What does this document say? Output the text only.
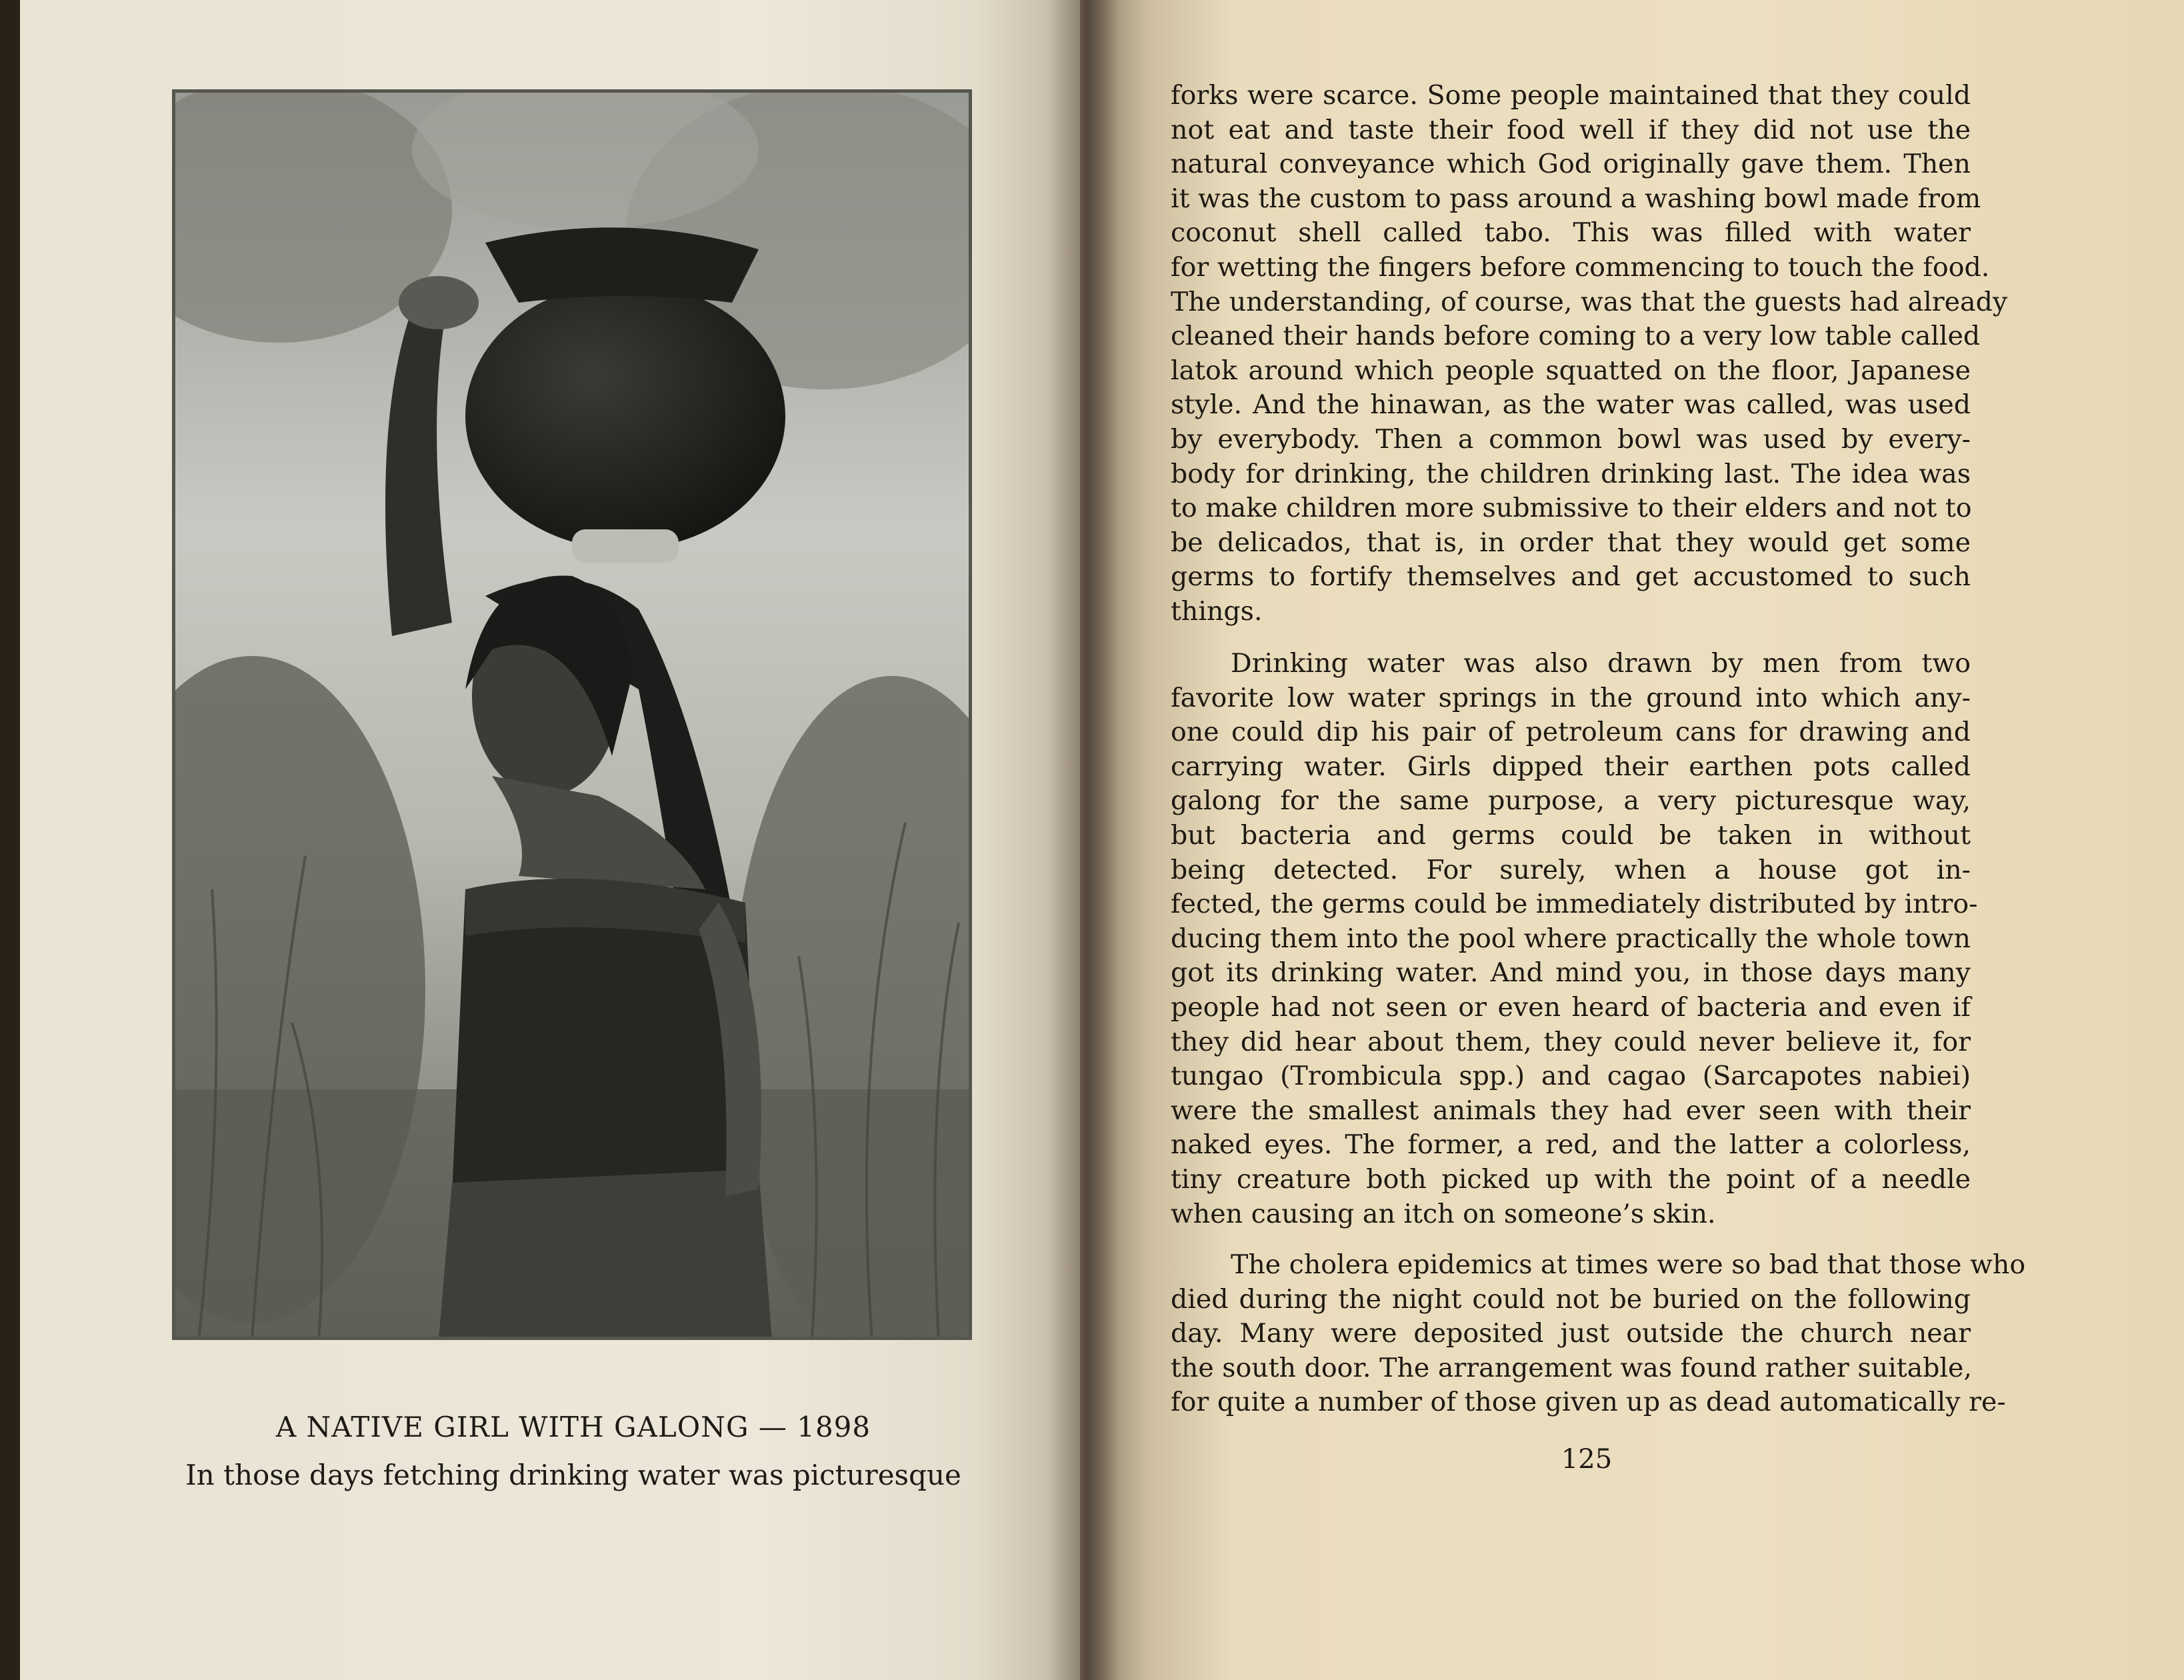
A NATIVE GIRL WITH GALONG — 1898
In those days fetching drinking water was picturesque
forks were scarce. Some people maintained that they could
not eat and taste their food well if they did not use the
natural conveyance which God originally gave them. Then
it was the custom to pass around a washing bowl made from
coconut shell called tabo. This was filled with water
for wetting the fingers before commencing to touch the food.
The understanding, of course, was that the guests had already
cleaned their hands before coming to a very low table called
latok around which people squatted on the floor, Japanese
style. And the hinawan, as the water was called, was used
by everybody. Then a common bowl was used by every-
body for drinking, the children drinking last. The idea was
to make children more submissive to their elders and not to
be delicados, that is, in order that they would get some
germs to fortify themselves and get accustomed to such
things.
Drinking water was also drawn by men from two
favorite low water springs in the ground into which any-
one could dip his pair of petroleum cans for drawing and
carrying water. Girls dipped their earthen pots called
galong for the same purpose, a very picturesque way,
but bacteria and germs could be taken in without
being detected. For surely, when a house got in-
fected, the germs could be immediately distributed by intro-
ducing them into the pool where practically the whole town
got its drinking water. And mind you, in those days many
people had not seen or even heard of bacteria and even if
they did hear about them, they could never believe it, for
tungao (Trombicula spp.) and cagao (Sarcapotes nabiei)
were the smallest animals they had ever seen with their
naked eyes. The former, a red, and the latter a colorless,
tiny creature both picked up with the point of a needle
when causing an itch on someone’s skin.
The cholera epidemics at times were so bad that those who
died during the night could not be buried on the following
day. Many were deposited just outside the church near
the south door. The arrangement was found rather suitable,
for quite a number of those given up as dead automatically re-
125
